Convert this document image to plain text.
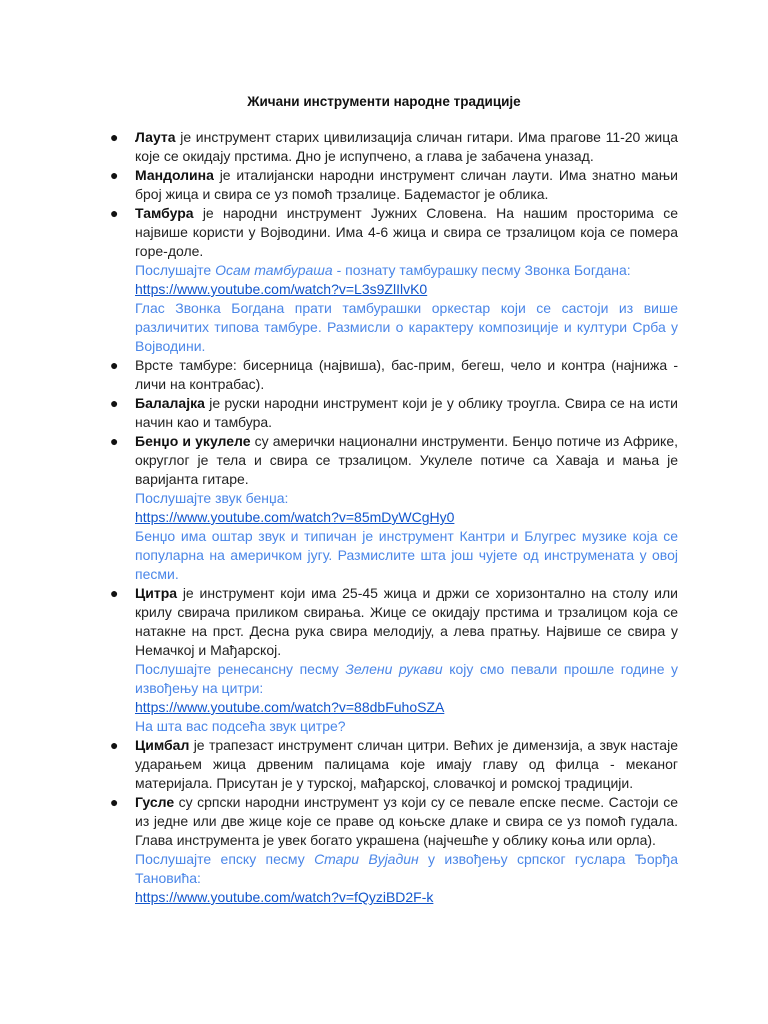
Жичани инструменти народне традиције
● Лаута је инструмент старих цивилизација сличан гитари. Има прагове 11-20 жица
које се окидају прстима. Дно је испупчено, а глава је забачена уназад.
● Мандолина је италијански народни инструмент сличан лаути. Има знатно мањи
број жица и свира се уз помоћ трзалице. Бадемастог је облика.
● Тамбура је народни инструмент Јужних Словена. На нашим просторима се
највише користи у Војводини. Има 4-6 жица и свира се трзалицом која се помера
горе-доле.
Послушајте Осам тамбураша - познату тамбурашку песму Звонка Богдана:
https://www.youtube.com/watch?v=L3s9ZlIlvK0
Глас Звонка Богдана прати тамбурашки оркестар који се састоји из више
различитих типова тамбуре. Размисли о карактеру композиције и култури Срба у
Војводини.
● Врсте тамбуре: бисерница (највиша), бас-прим, бегеш, чело и контра (најнижа -
личи на контрабас).
● Балалајка је руски народни инструмент који је у облику троугла. Свира се на исти
начин као и тамбура.
● Бенџо и укулеле су амерички национални инструменти. Бенџо потиче из Африке,
округлог је тела и свира се трзалицом. Укулеле потиче са Хаваја и мања је
варијанта гитаре.
Послушајте звук бенџа:
https://www.youtube.com/watch?v=85mDyWCgHy0
Бенџо има оштар звук и типичан је инструмент Кантри и Блугрес музике која се
популарна на америчком југу. Размислите шта још чујете од инструмената у овој
песми.
● Цитра је инструмент који има 25-45 жица и држи се хоризонтално на столу или
крилу свирача приликом свирања. Жице се окидају прстима и трзалицом која се
натакне на прст. Десна рука свира мелодију, а лева пратњу. Највише се свира у
Немачкој и Мађарској.
Послушајте ренесансну песму Зелени рукави коју смо певали прошле године у
извођењу на цитри:
https://www.youtube.com/watch?v=88dbFuhoSZA
На шта вас подсећа звук цитре?
● Цимбал је трапезаст инструмент сличан цитри. Већих је димензија, а звук настаје
ударањем жица дрвеним палицама које имају главу од филца - меканог
материјала. Присутан је у турској, мађарској, словачкој и ромској традицији.
● Гусле су српски народни инструмент уз који су се певале епске песме. Састоји се
из једне или две жице које се праве од коњске длаке и свира се уз помоћ гудала.
Глава инструмента је увек богато украшена (најчешће у облику коња или орла).
Послушајте епску песму Стари Вујадин у извођењу српског гуслара Ђорђа
Тановића:
https://www.youtube.com/watch?v=fQyziBD2F-k
